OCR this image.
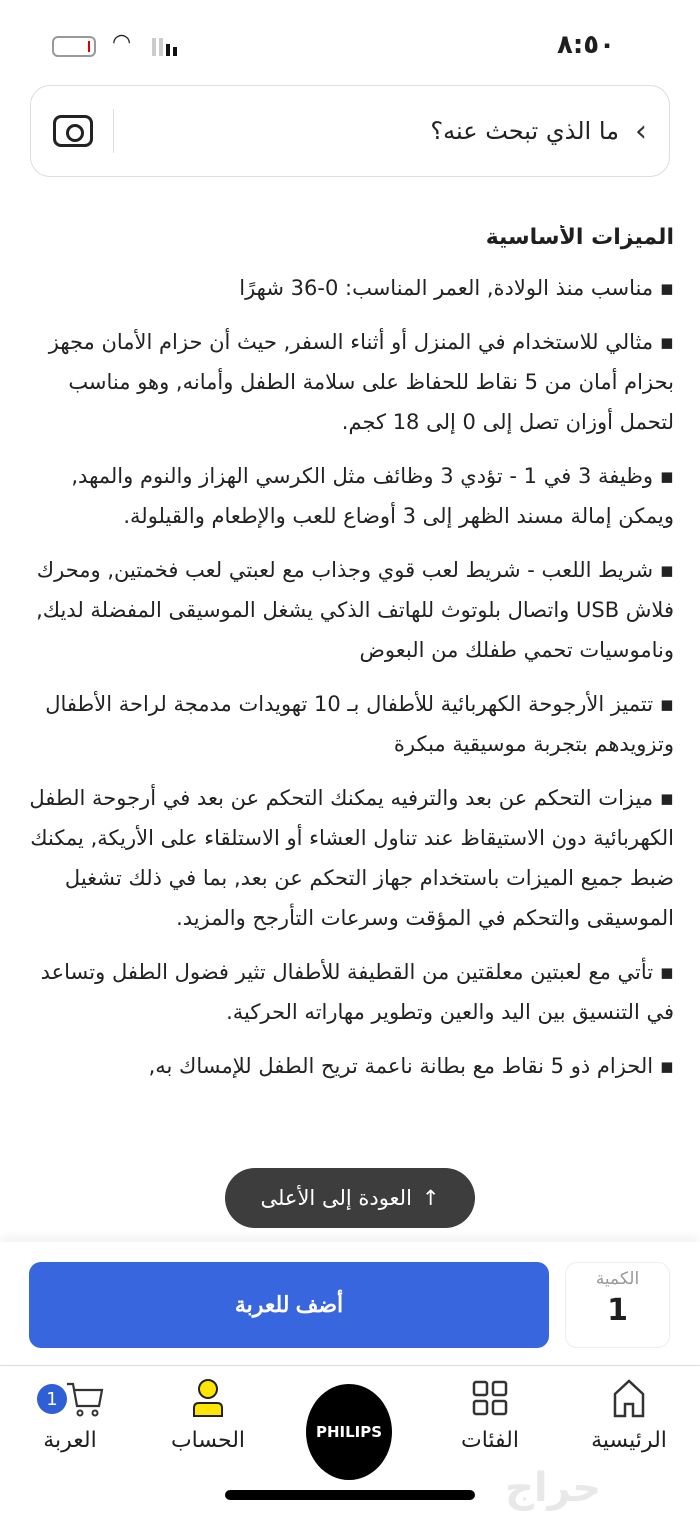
◠	٨:٥٠
›
ما الذي تبحث عنه؟
الميزات الأساسية

▪ مناسب منذ الولادة, العمر المناسب: 0-36 شهرًا

▪ مثالي للاستخدام في المنزل أو أثناء السفر, حيث أن حزام الأمان مجهز بحزام أمان من 5 نقاط للحفاظ على سلامة الطفل وأمانه, وهو مناسب لتحمل أوزان تصل إلى 0 إلى 18 كجم.

▪ وظيفة 3 في 1 - تؤدي 3 وظائف مثل الكرسي الهزاز والنوم والمهد, ويمكن إمالة مسند الظهر إلى 3 أوضاع للعب والإطعام والقيلولة.

▪ شريط اللعب - شريط لعب قوي وجذاب مع لعبتي لعب فخمتين, ومحرك فلاش USB واتصال بلوتوث للهاتف الذكي يشغل الموسيقى المفضلة لديك, وناموسيات تحمي طفلك من البعوض

▪ تتميز الأرجوحة الكهربائية للأطفال بـ 10 تهويدات مدمجة لراحة الأطفال وتزويدهم بتجربة موسيقية مبكرة

▪ ميزات التحكم عن بعد والترفيه يمكنك التحكم عن بعد في أرجوحة الطفل الكهربائية دون الاستيقاظ عند تناول العشاء أو الاستلقاء على الأريكة, يمكنك ضبط جميع الميزات باستخدام جهاز التحكم عن بعد, بما في ذلك تشغيل الموسيقى والتحكم في المؤقت وسرعات التأرجح والمزيد.

▪ تأتي مع لعبتين معلقتين من القطيفة للأطفال تثير فضول الطفل وتساعد في التنسيق بين اليد والعين وتطوير مهاراته الحركية.

▪ الحزام ذو 5 نقاط مع بطانة ناعمة تريح الطفل للإمساك به,

↑
العودة إلى الأعلى
أضف للعربة
الكمية
1
الرئيسية
الفئات
PHILIPS
الحساب
1
العربة
حراج
